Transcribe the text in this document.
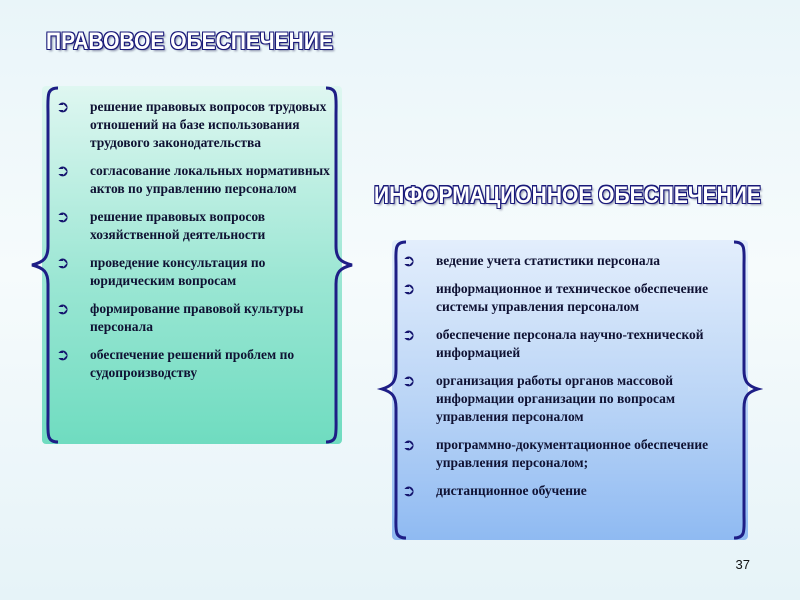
ПРАВОВОЕ ОБЕСПЕЧЕНИЕ
ИНФОРМАЦИОННОЕ ОБЕСПЕЧЕНИЕ
➲ решение правовых вопросов трудовых отношений на базе использования трудового законодательства
➲ согласование локальных нормативных актов по управлению персоналом
➲ решение правовых вопросов хозяйственной деятельности
➲ проведение консультация по юридическим вопросам
➲ формирование правовой культуры персонала
➲ обеспечение решений проблем по судопроизводству
➲ ведение учета статистики персонала
➲ информационное и техническое обеспечение системы управления персоналом
➲ обеспечение персонала научно-технической информацией
➲ организация работы органов массовой информации организации по вопросам управления персоналом
➲ программно-документационное обеспечение управления персоналом;
➲ дистанционное обучение
37
